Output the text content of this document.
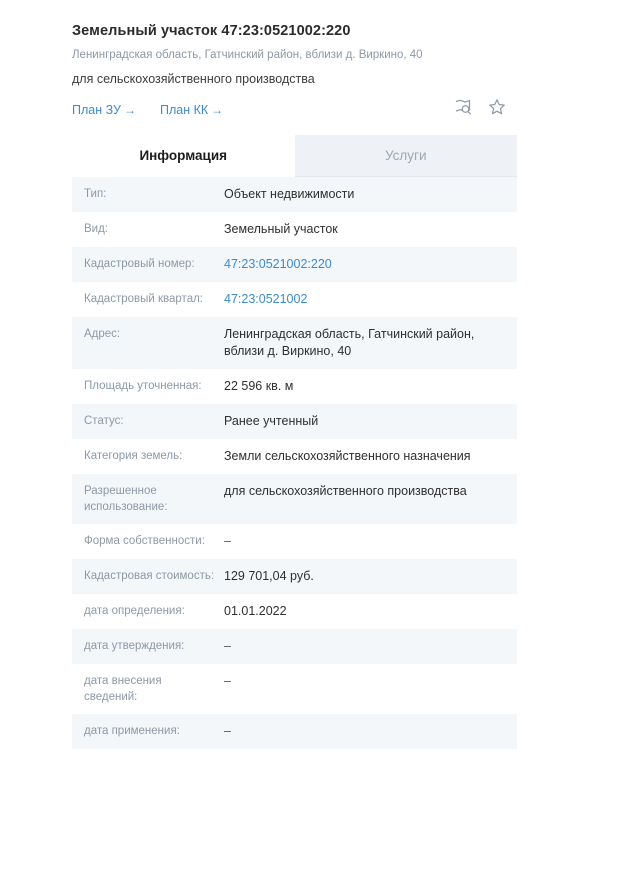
Земельный участок 47:23:0521002:220
Ленинградская область, Гатчинский район, вблизи д. Виркино, 40
для сельскохозяйственного производства
План ЗУ → План КК →
Информация	Услуги
Тип:	Объект недвижимости
Вид:	Земельный участок
Кадастровый номер:	47:23:0521002:220
Кадастровый квартал:	47:23:0521002
Адрес:	Ленинградская область, Гатчинский район, вблизи д. Виркино, 40
Площадь уточненная:	22 596 кв. м
Статус:	Ранее учтенный
Категория земель:	Земли сельскохозяйственного назначения
Разрешенное использование:
для сельскохозяйственного производства
Форма собственности:	–
Кадастровая стоимость: 129 701,04 руб.
дата определения:	01.01.2022
дата утверждения:	–
дата внесения сведений:
–
дата применения:	–
